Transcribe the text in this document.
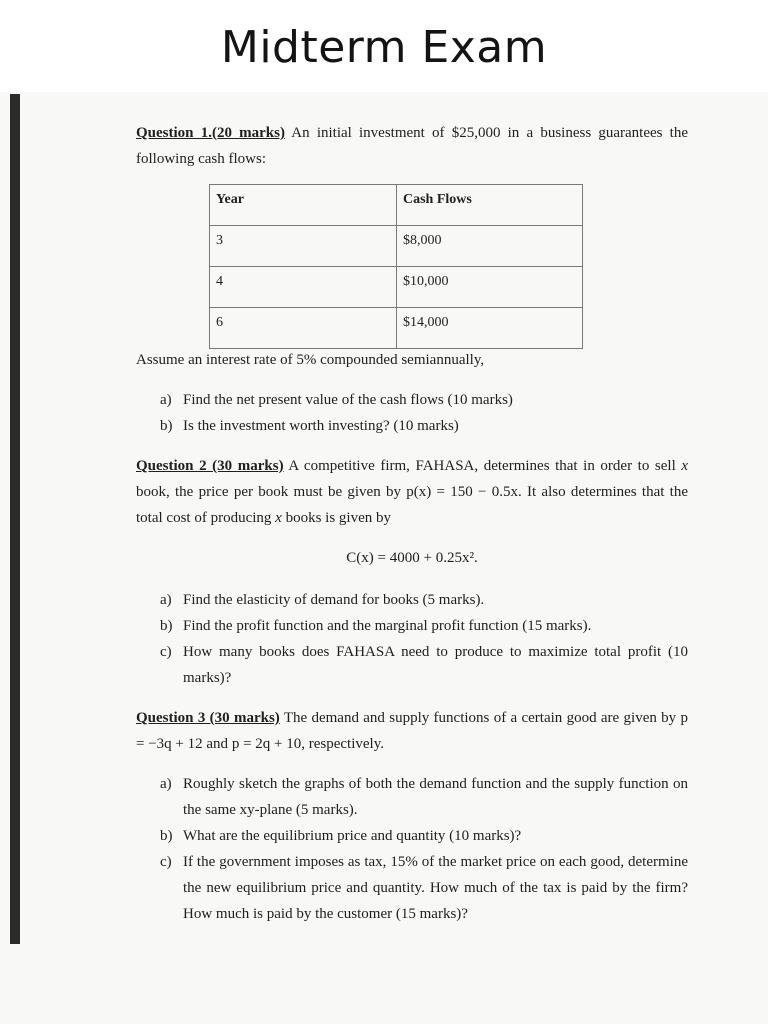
Midterm Exam

Question 1.(20 marks) An initial investment of $25,000 in a business guarantees the following cash flows:

Year	Cash Flows
3	$8,000
4	$10,000
6	$14,000

Assume an interest rate of 5% compounded semiannually,

a) Find the net present value of the cash flows (10 marks)
b) Is the investment worth investing? (10 marks)

Question 2 (30 marks) A competitive firm, FAHASA, determines that in order to sell x book, the price per book must be given by p(x) = 150 − 0.5x. It also determines that the total cost of producing x books is given by

C(x) = 4000 + 0.25x².

a) Find the elasticity of demand for books (5 marks).
b) Find the profit function and the marginal profit function (15 marks).
c) How many books does FAHASA need to produce to maximize total profit (10 marks)?

Question 3 (30 marks) The demand and supply functions of a certain good are given by p = −3q + 12 and p = 2q + 10, respectively.

a) Roughly sketch the graphs of both the demand function and the supply function on the same xy-plane (5 marks).
b) What are the equilibrium price and quantity (10 marks)?
c) If the government imposes as tax, 15% of the market price on each good, determine the new equilibrium price and quantity. How much of the tax is paid by the firm? How much is paid by the customer (15 marks)?
